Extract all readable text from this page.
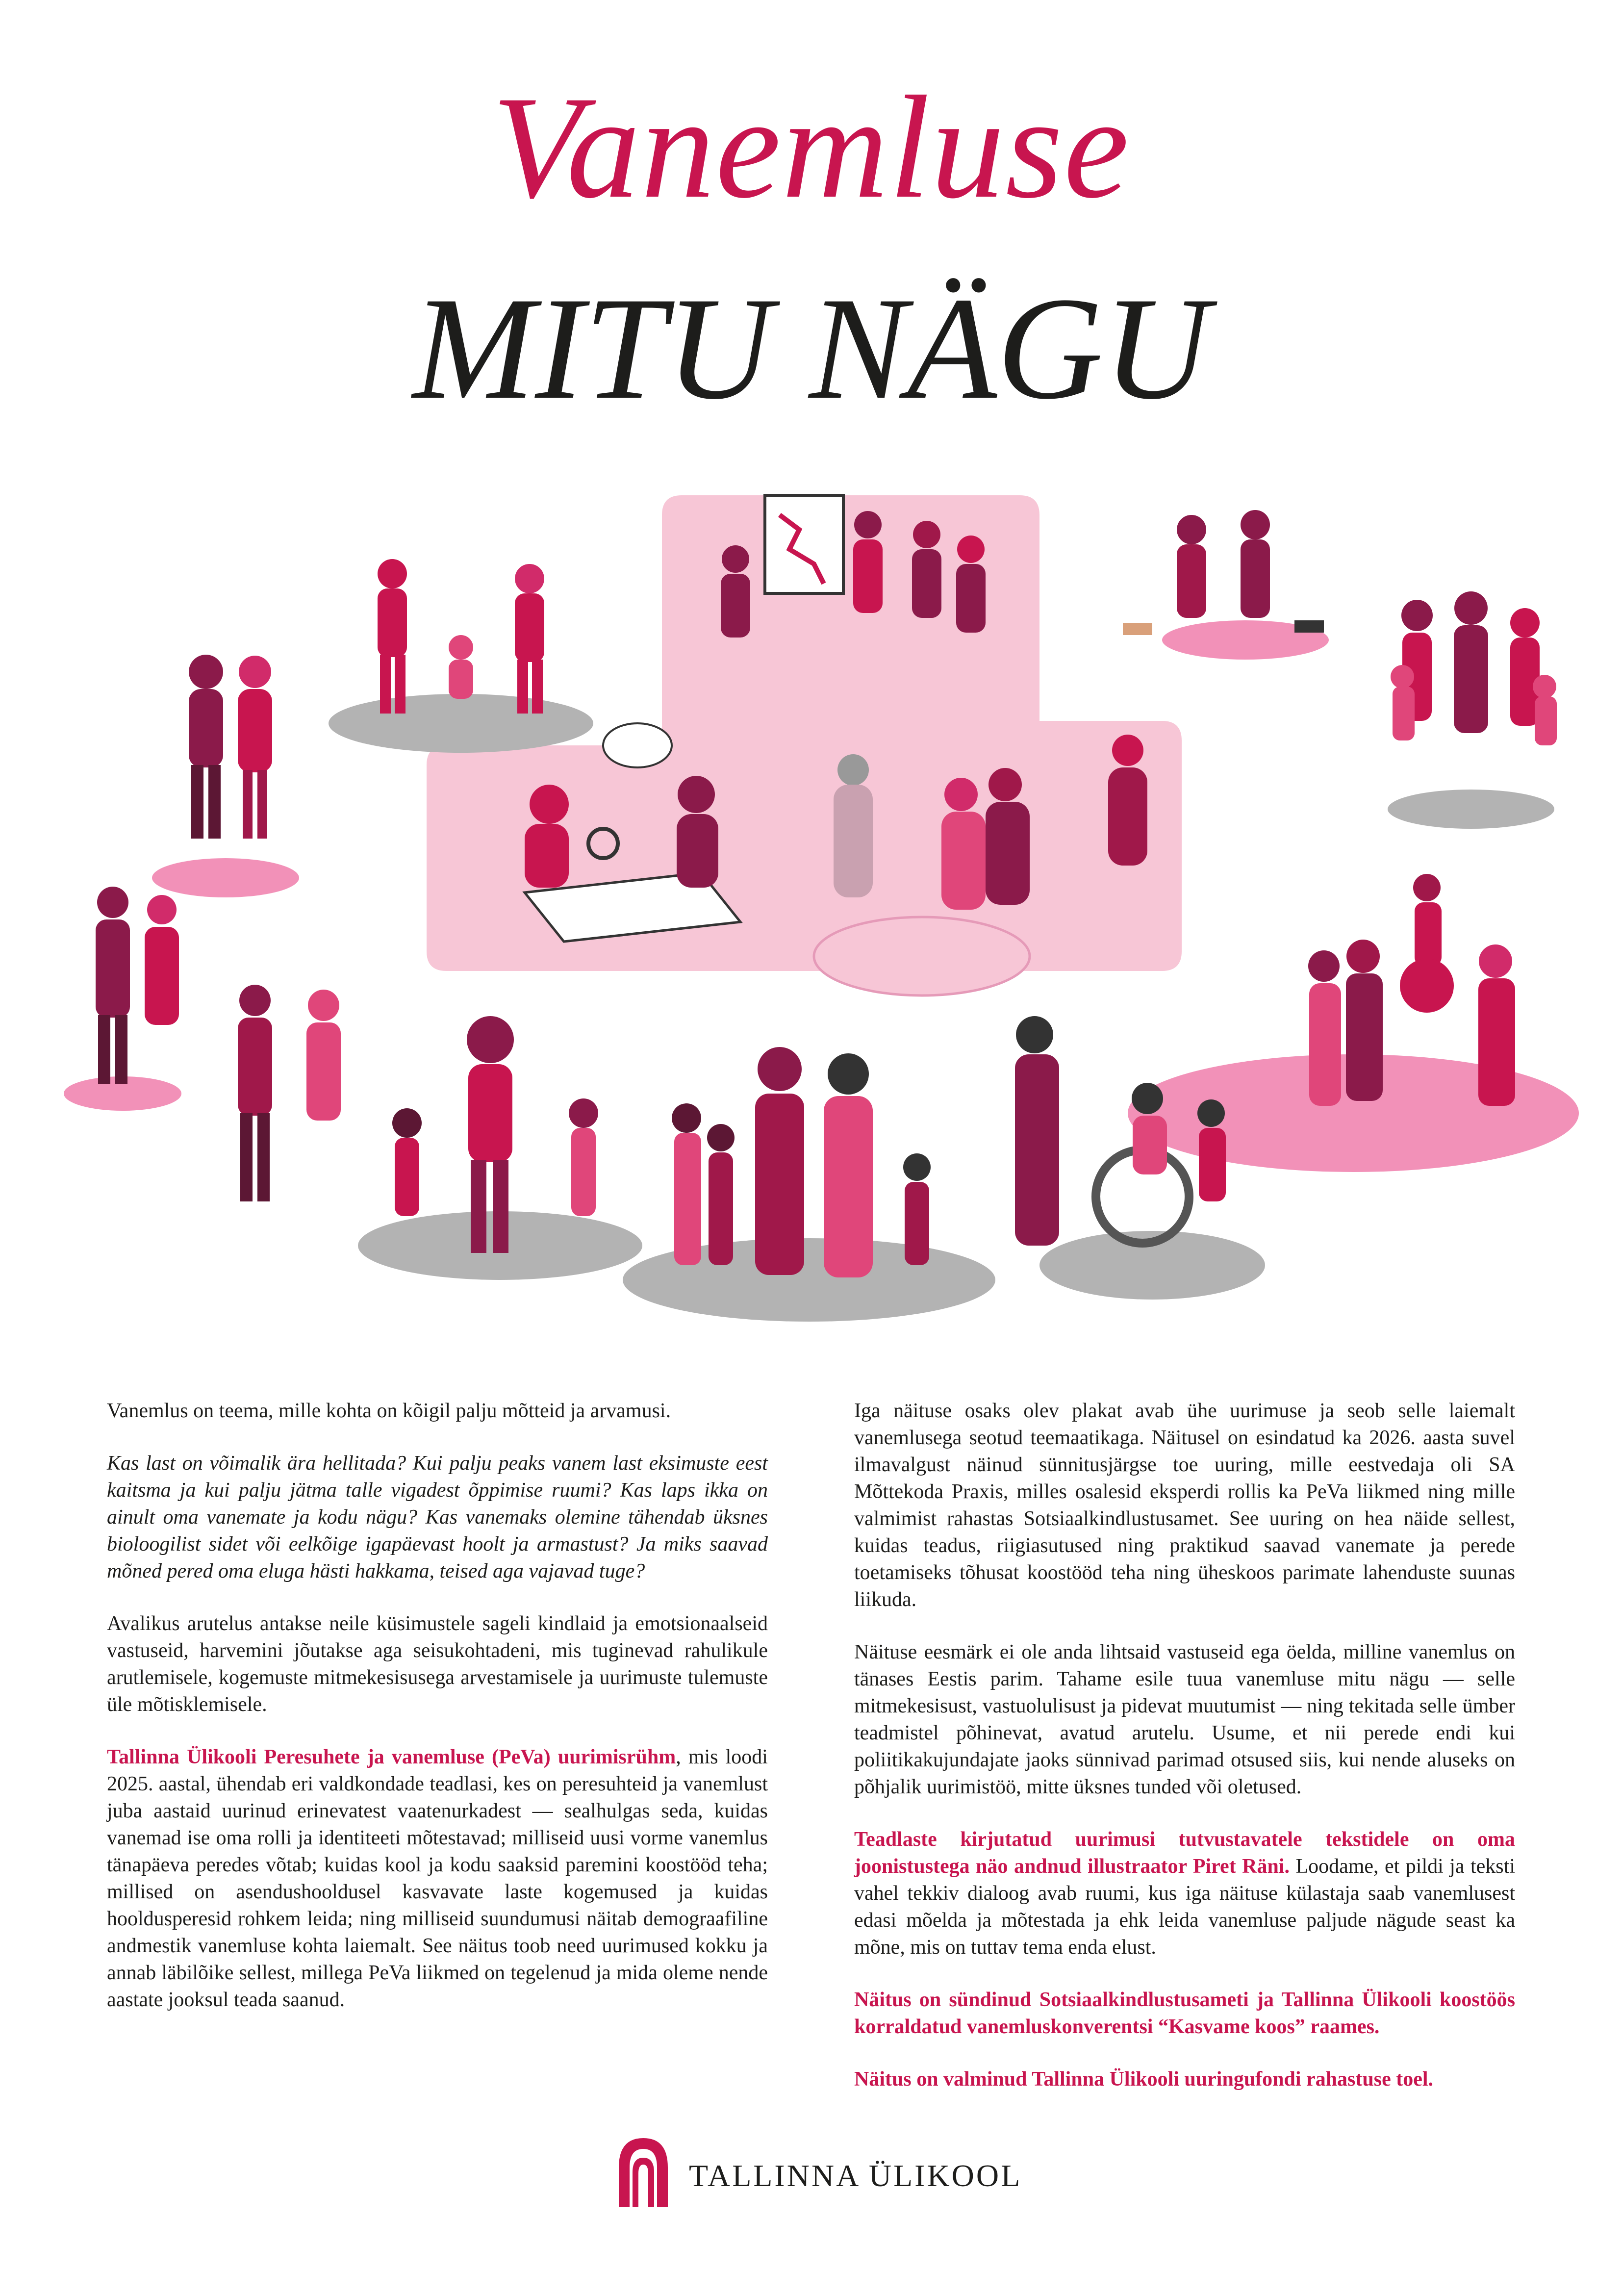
Vanemluse
MITU NÄGU

Vanemlus on teema, mille kohta on kõigil palju mõtteid ja arvamusi.

Kas last on võimalik ära hellitada? Kui palju peaks vanem last eksimuste eest kaitsma ja kui palju jätma talle vigadest õppimise ruumi? Kas laps ikka on ainult oma vanemate ja kodu nägu? Kas vanemaks olemine tähendab üksnes bioloogilist sidet või eelkõige igapäevast hoolt ja armastust? Ja miks saavad mõned pered oma eluga hästi hakkama, teised aga vajavad tuge?

Avalikus arutelus antakse neile küsimustele sageli kindlaid ja emotsionaalseid vastuseid, harvemini jõutakse aga seisukohtadeni, mis tuginevad rahulikule arutlemisele, kogemuste mitmekesisusega arvestamisele ja uurimuste tulemuste üle mõtisklemisele.

Tallinna Ülikooli Peresuhete ja vanemluse (PeVa) uurimisrühm, mis loodi 2025. aastal, ühendab eri valdkondade teadlasi, kes on peresuhteid ja vanemlust juba aastaid uurinud erinevatest vaatenurkadest — sealhulgas seda, kuidas vanemad ise oma rolli ja identiteeti mõtestavad; milliseid uusi vorme vanemlus tänapäeva peredes võtab; kuidas kool ja kodu saaksid paremini koostööd teha; millised on asendushooldusel kasvavate laste kogemused ja kuidas hooldusperesid rohkem leida; ning milliseid suundumusi näitab demograafiline andmestik vanemluse kohta laiemalt. See näitus toob need uurimused kokku ja annab läbilõike sellest, millega PeVa liikmed on tegelenud ja mida oleme nende aastate jooksul teada saanud.

Iga näituse osaks olev plakat avab ühe uurimuse ja seob selle laiemalt vanemlusega seotud teemaatikaga. Näitusel on esindatud ka 2026. aasta suvel ilmavalgust näinud sünnitusjärgse toe uuring, mille eestvedaja oli SA Mõttekoda Praxis, milles osalesid eksperdi rollis ka PeVa liikmed ning mille valmimist rahastas Sotsiaalkindlustusamet. See uuring on hea näide sellest, kuidas teadus, riigiasutused ning praktikud saavad vanemate ja perede toetamiseks tõhusat koostööd teha ning üheskoos parimate lahenduste suunas liikuda.

Näituse eesmärk ei ole anda lihtsaid vastuseid ega öelda, milline vanemlus on tänases Eestis parim. Tahame esile tuua vanemluse mitu nägu — selle mitmekesisust, vastuolulisust ja pidevat muutumist — ning tekitada selle ümber teadmistel põhinevat, avatud arutelu. Usume, et nii perede endi kui poliitikakujundajate jaoks sünnivad parimad otsused siis, kui nende aluseks on põhjalik uurimistöö, mitte üksnes tunded või oletused.

Teadlaste kirjutatud uurimusi tutvustavatele tekstidele on oma joonistustega näo andnud illustraator Piret Räni. Loodame, et pildi ja teksti vahel tekkiv dialoog avab ruumi, kus iga näituse külastaja saab vanemlusest edasi mõelda ja mõtestada ja ehk leida vanemluse paljude nägude seast ka mõne, mis on tuttav tema enda elust.

Näitus on sündinud Sotsiaalkindlustusameti ja Tallinna Ülikooli koostöös korraldatud vanemluskonverentsi “Kasvame koos” raames.

Näitus on valminud Tallinna Ülikooli uuringufondi rahastuse toel.

TALLINNA ÜLIKOOL
